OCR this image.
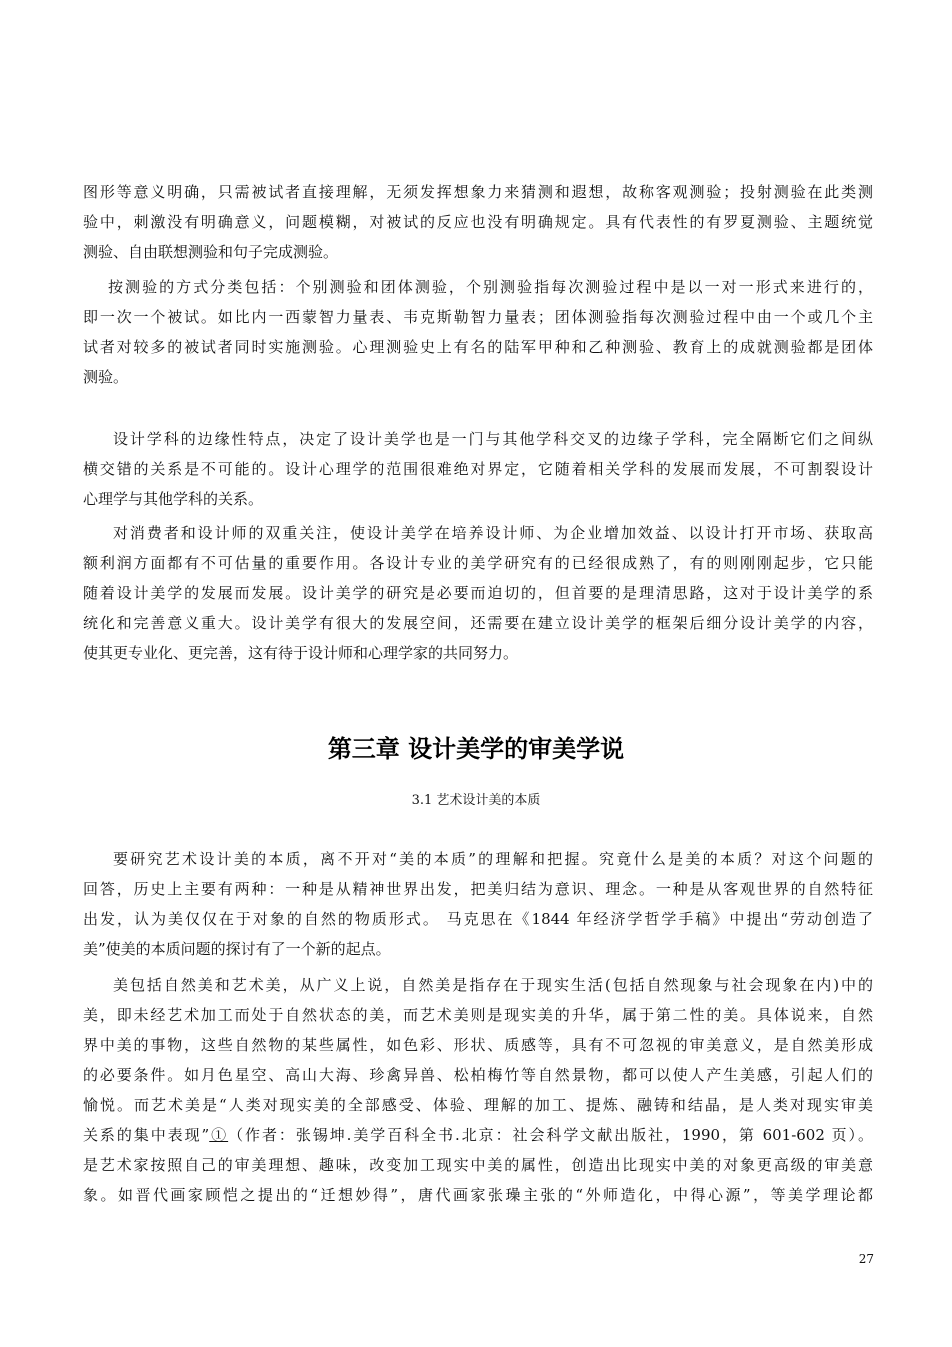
图形等意义明确，只需被试者直接理解，无须发挥想象力来猜测和遐想，故称客观测验；投射测验在此类测
验中，刺激没有明确意义，问题模糊，对被试的反应也没有明确规定。具有代表性的有罗夏测验、主题统觉
测验、自由联想测验和句子完成测验。
按测验的方式分类包括：个别测验和团体测验，个别测验指每次测验过程中是以一对一形式来进行的，
即一次一个被试。如比内一西蒙智力量表、韦克斯勒智力量表；团体测验指每次测验过程中由一个或几个主
试者对较多的被试者同时实施测验。心理测验史上有名的陆军甲种和乙种测验、教育上的成就测验都是团体
测验。
设计学科的边缘性特点，决定了设计美学也是一门与其他学科交叉的边缘子学科，完全隔断它们之间纵
横交错的关系是不可能的。设计心理学的范围很难绝对界定，它随着相关学科的发展而发展，不可割裂设计
心理学与其他学科的关系。
对消费者和设计师的双重关注，使设计美学在培养设计师、为企业增加效益、以设计打开市场、获取高
额利润方面都有不可估量的重要作用。各设计专业的美学研究有的已经很成熟了，有的则刚刚起步，它只能
随着设计美学的发展而发展。设计美学的研究是必要而迫切的，但首要的是理清思路，这对于设计美学的系
统化和完善意义重大。设计美学有很大的发展空间，还需要在建立设计美学的框架后细分设计美学的内容，
使其更专业化、更完善，这有待于设计师和心理学家的共同努力。
第三章 设计美学的审美学说
3.1 艺术设计美的本质
要研究艺术设计美的本质，离不开对“美的本质”的理解和把握。究竟什么是美的本质？对这个问题的
回答，历史上主要有两种：一种是从精神世界出发，把美归结为意识、理念。一种是从客观世界的自然特征
出发，认为美仅仅在于对象的自然的物质形式。 马克思在《1844 年经济学哲学手稿》中提出“劳动创造了
美”使美的本质问题的探讨有了一个新的起点。
美包括自然美和艺术美，从广义上说，自然美是指存在于现实生活(包括自然现象与社会现象在内)中的
美，即未经艺术加工而处于自然状态的美，而艺术美则是现实美的升华，属于第二性的美。具体说来，自然
界中美的事物，这些自然物的某些属性，如色彩、形状、质感等，具有不可忽视的审美意义，是自然美形成
的必要条件。如月色星空、高山大海、珍禽异兽、松柏梅竹等自然景物，都可以使人产生美感，引起人们的
愉悦。而艺术美是“人类对现实美的全部感受、体验、理解的加工、提炼、融铸和结晶，是人类对现实审美
关系的集中表现”①（作者：张锡坤.美学百科全书.北京：社会科学文献出版社，1990，第 601-602 页）。
是艺术家按照自己的审美理想、趣味，改变加工现实中美的属性，创造出比现实中美的对象更高级的审美意
象。如晋代画家顾恺之提出的“迁想妙得”，唐代画家张璪主张的“外师造化，中得心源”，等美学理论都
27
